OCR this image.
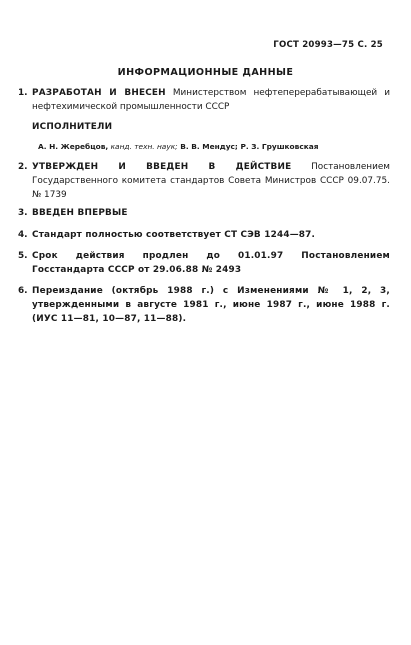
ГОСТ 20993—75 С. 25
ИНФОРМАЦИОННЫЕ ДАННЫЕ
1. РАЗРАБОТАН И ВНЕСЕН Министерством нефтеперерабатывающей и нефтехимической промышленности СССР
ИСПОЛНИТЕЛИ
А. Н. Жеребцов, канд. техн. наук; В. В. Мендус; Р. З. Грушковская
2. УТВЕРЖДЕН И ВВЕДЕН В ДЕЙСТВИЕ Постановлением Государственного комитета стандартов Совета Министров СССР 09.07.75. № 1739
3. ВВЕДЕН ВПЕРВЫЕ
4. Стандарт полностью соответствует СТ СЭВ 1244—87.
5. Срок действия продлен до 01.01.97 Постановлением Госстандарта СССР от 29.06.88 № 2493
6. Переиздание (октябрь 1988 г.) с Изменениями № 1, 2, 3, утвержденными в августе 1981 г., июне 1987 г., июне 1988 г. (ИУС 11—81, 10—87, 11—88).
